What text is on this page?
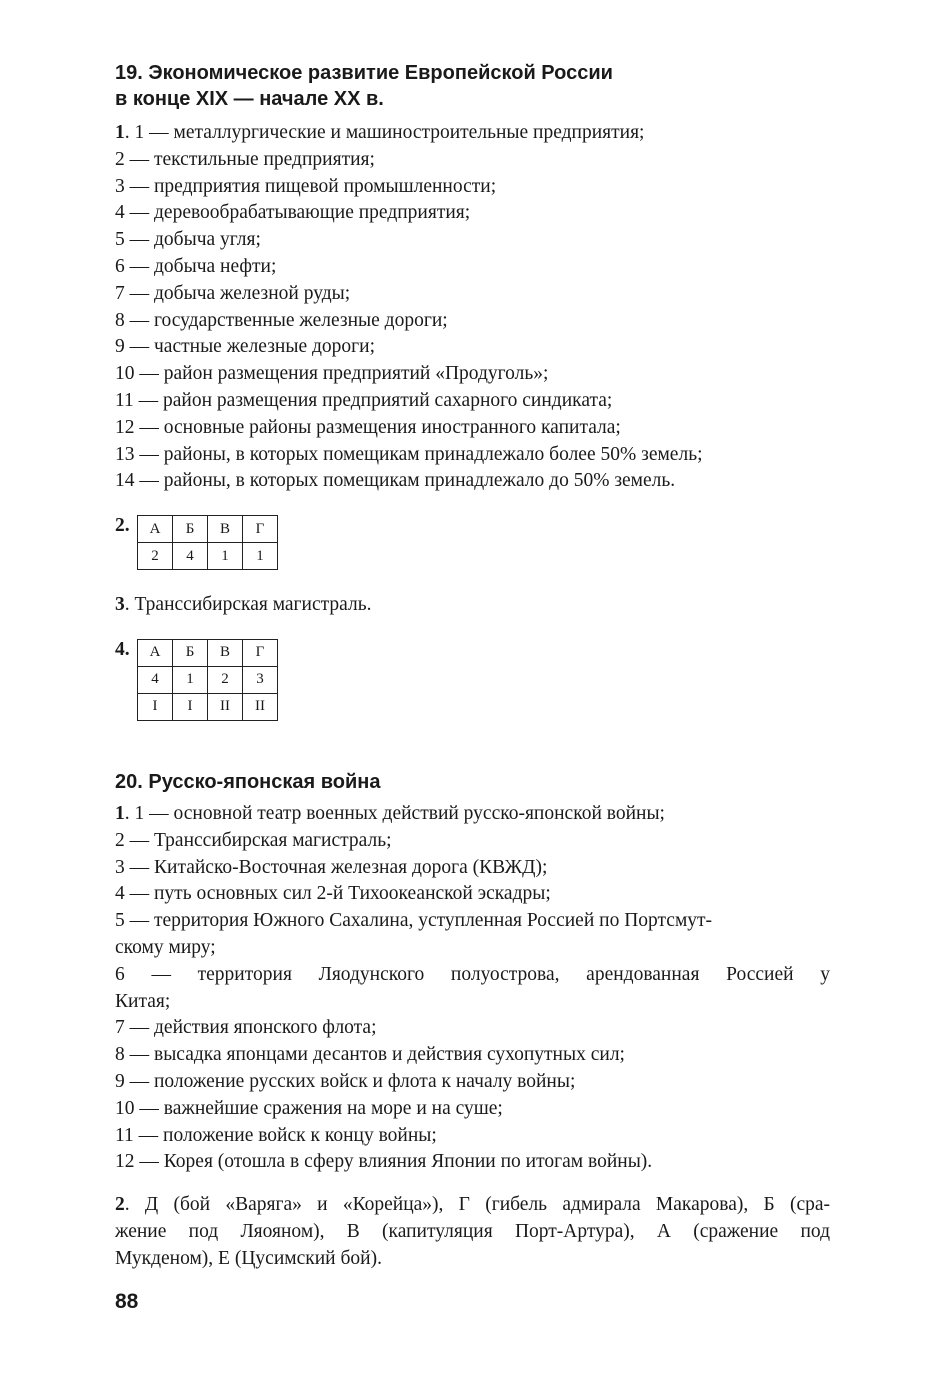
19. Экономическое развитие Европейской России
в конце XIX — начале XX в.
1. 1 — металлургические и машиностроительные предприятия;
2 — текстильные предприятия;
3 — предприятия пищевой промышленности;
4 — деревообрабатывающие предприятия;
5 — добыча угля;
6 — добыча нефти;
7 — добыча железной руды;
8 — государственные железные дороги;
9 — частные железные дороги;
10 — район размещения предприятий «Продуголь»;
11 — район размещения предприятий сахарного синдиката;
12 — основные районы размещения иностранного капитала;
13 — районы, в которых помещикам принадлежало более 50% земель;
14 — районы, в которых помещикам принадлежало до 50% земель.
2.	А	Б	В	Г
2	4	1	1
3. Транссибирская магистраль.
4.	А	Б	В	Г
4	1	2	3
I	I	II	II
20. Русско-японская война
1. 1 — основной театр военных действий русско-японской войны;
2 — Транссибирская магистраль;
3 — Китайско-Восточная железная дорога (КВЖД);
4 — путь основных сил 2-й Тихоокеанской эскадры;
5 — территория Южного Сахалина, уступленная Россией по Портсмут-
скому миру;
6 — территория Ляодунского полуострова, арендованная Россией у
Китая;
7 — действия японского флота;
8 — высадка японцами десантов и действия сухопутных сил;
9 — положение русских войск и флота к началу войны;
10 — важнейшие сражения на море и на суше;
11 — положение войск к концу войны;
12 — Корея (отошла в сферу влияния Японии по итогам войны).
2. Д (бой «Варяга» и «Корейца»), Г (гибель адмирала Макарова), Б (сра-
жение под Ляояном), В (капитуляция Порт-Артура), А (сражение под
Мукденом), Е (Цусимский бой).
88
